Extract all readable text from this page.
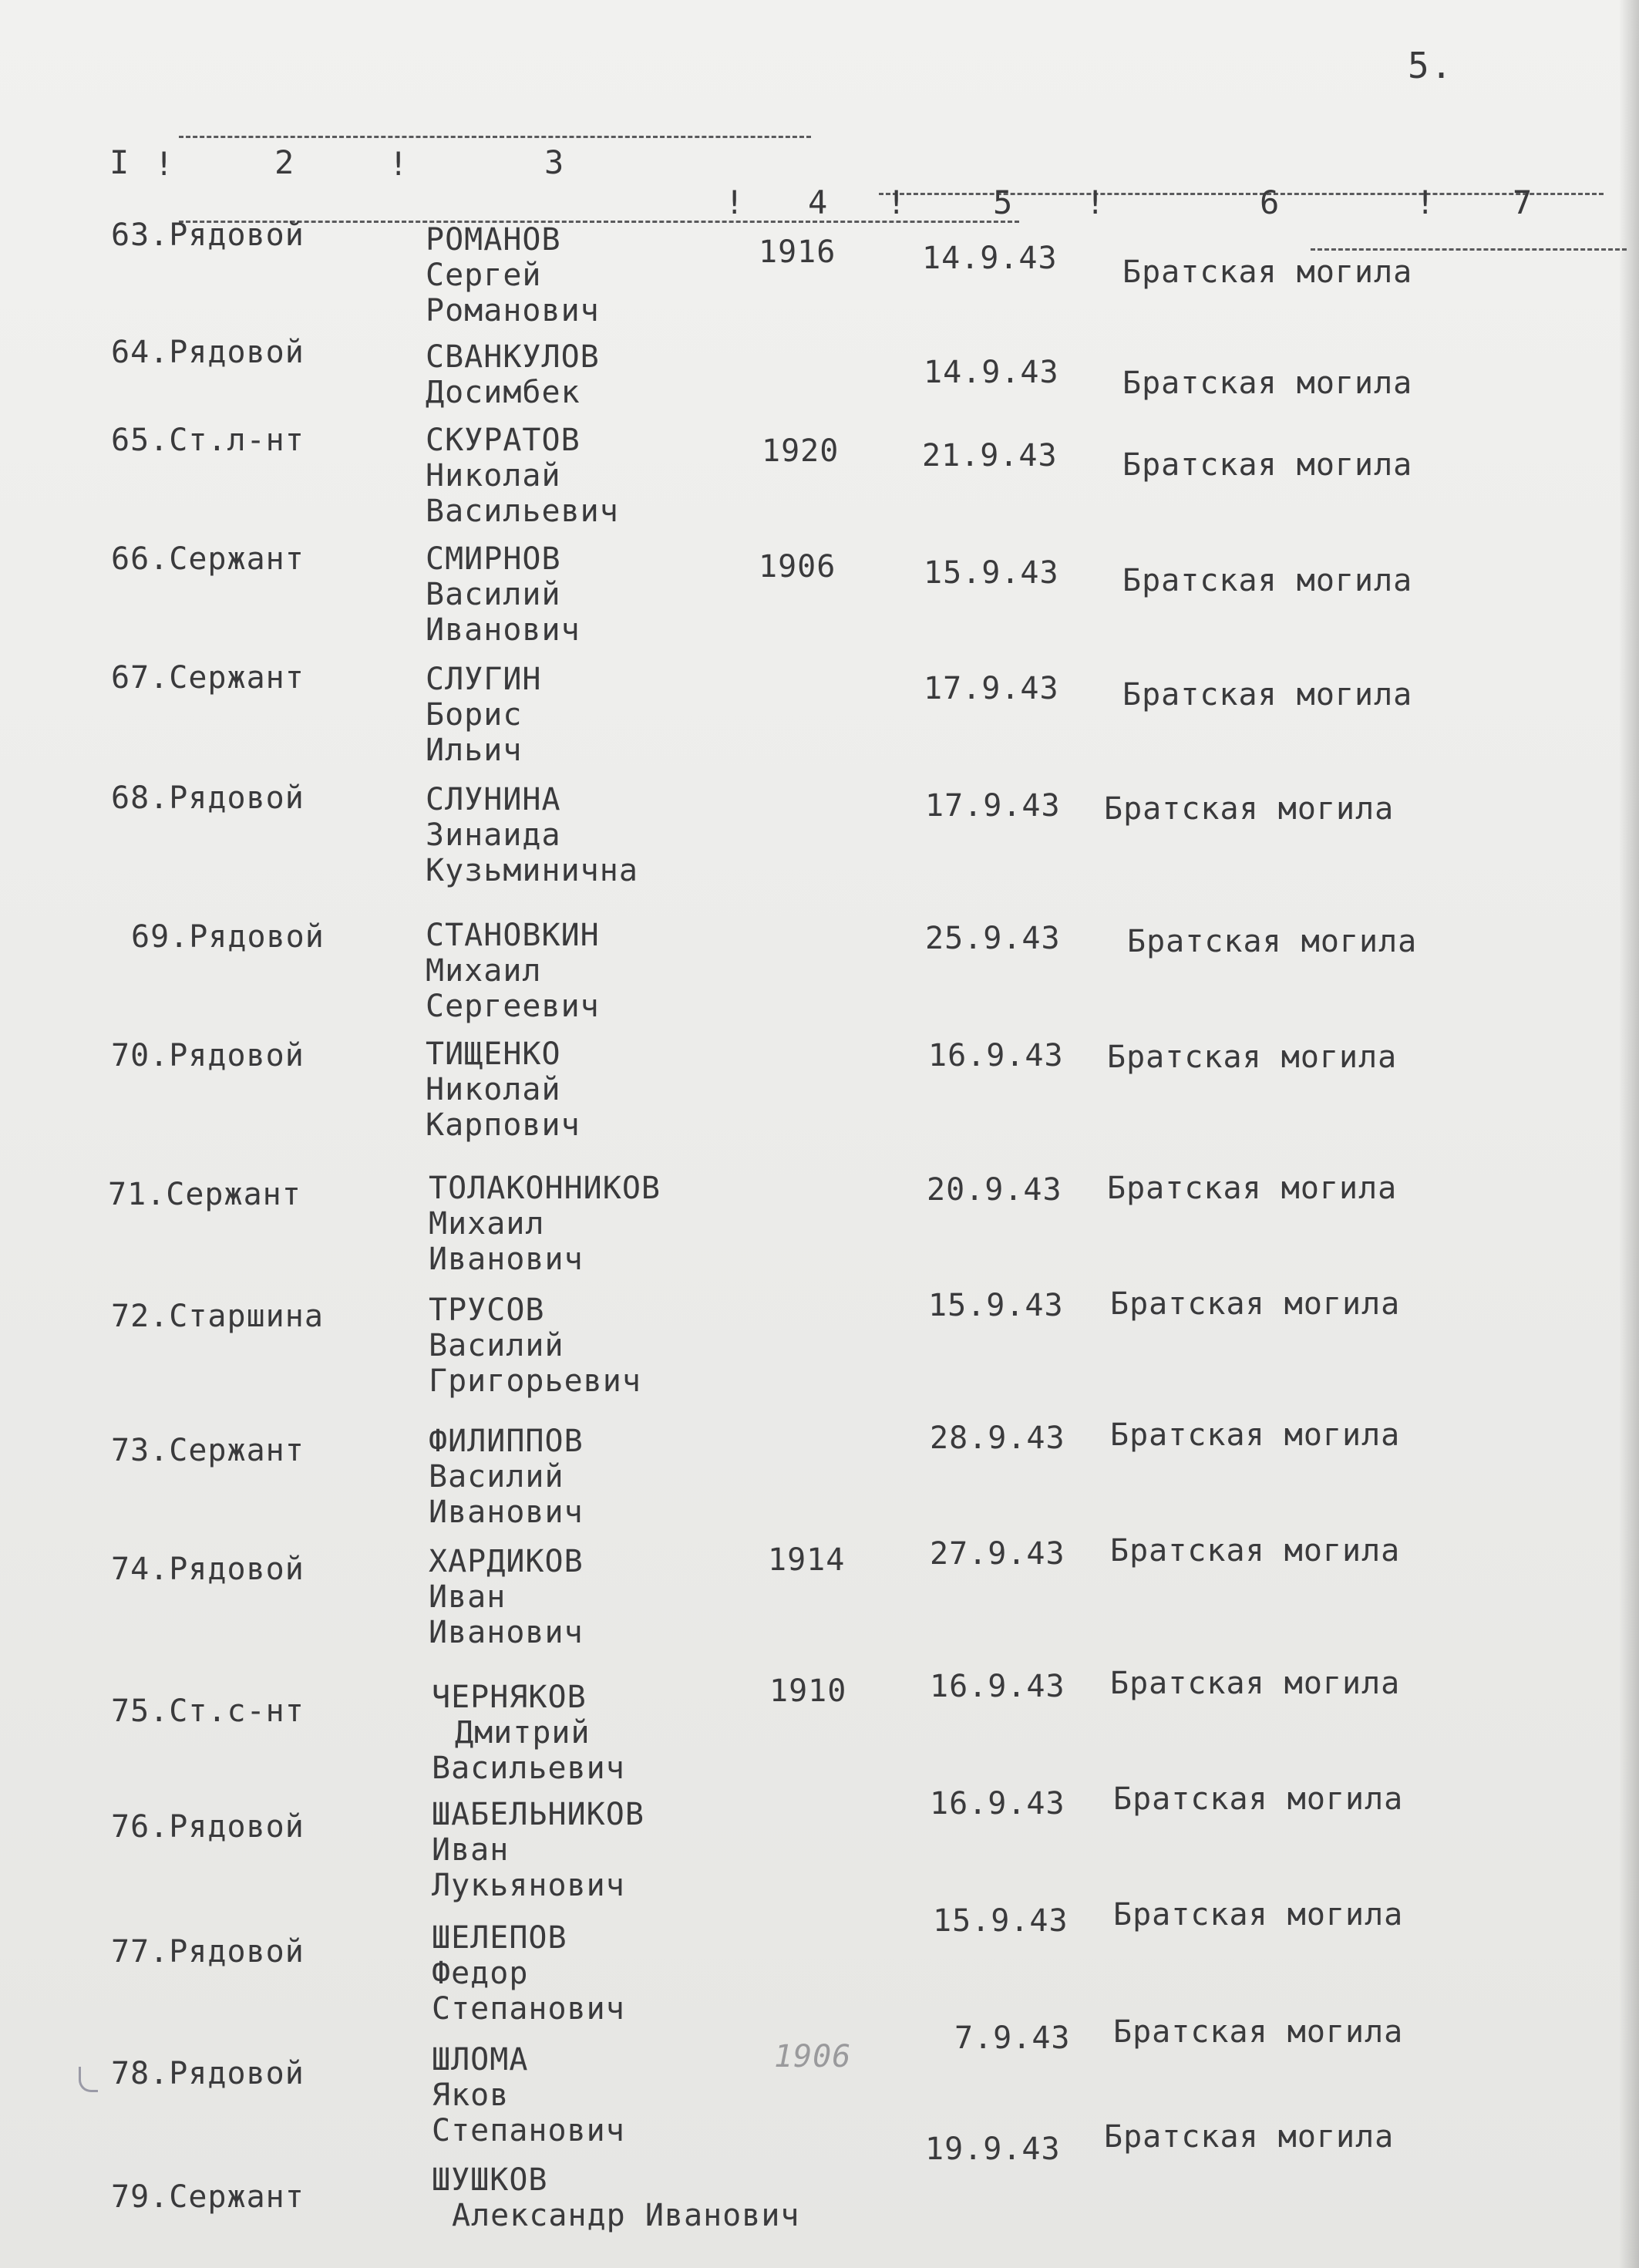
5.
I !	2	!	3
! 4 !	5 !	6	! 7
63.Рядовой	РОМАНОВ
Сергей
Романович
1916	14.9.43 Братская могила
64.Рядовой	СВАНКУЛОВ
Досимбек
14.9.43 Братская могила
65.Ст.л-нт	СКУРАТОВ
Николай
Васильевич
1920	21.9.43 Братская могила
66.Сержант	СМИРНОВ
Василий
Иванович
1906	15.9.43 Братская могила
67.Сержант	СЛУГИН
Борис
Ильич
17.9.43 Братская могила
68.Рядовой	СЛУНИНА
Зинаида
Кузьминична
17.9.43 Братская могила
69.Рядовой	СТАНОВКИН
Михаил
Сергеевич
25.9.43 Братская могила
70.Рядовой	ТИЩЕНКО
Николай
Карпович
16.9.43 Братская могила
71.Сержант	ТОЛАКОННИКОВ
Михаил
Иванович
20.9.43 Братская могила
72.Старшина	ТРУСОВ
Василий
Григорьевич
15.9.43 Братская могила
73.Сержант	ФИЛИППОВ
Василий
Иванович
28.9.43 Братская могила
74.Рядовой	ХАРДИКОВ
Иван
Иванович
1914	27.9.43 Братская могила
75.Ст.с-нт	ЧЕРНЯКОВ
Дмитрий
Васильевич
1910	16.9.43 Братская могила
76.Рядовой	ШАБЕЛЬНИКОВ
Иван
Лукьянович
16.9.43 Братская могила
77.Рядовой	ШЕЛЕПОВ
Федор
Степанович
15.9.43 Братская могила
78.Рядовой	ШЛОМА
Яков
Степанович
1906
7.9.43 Братская могила
79.Сержант	ШУШКОВ
Александр Иванович
19.9.43 Братская могила
